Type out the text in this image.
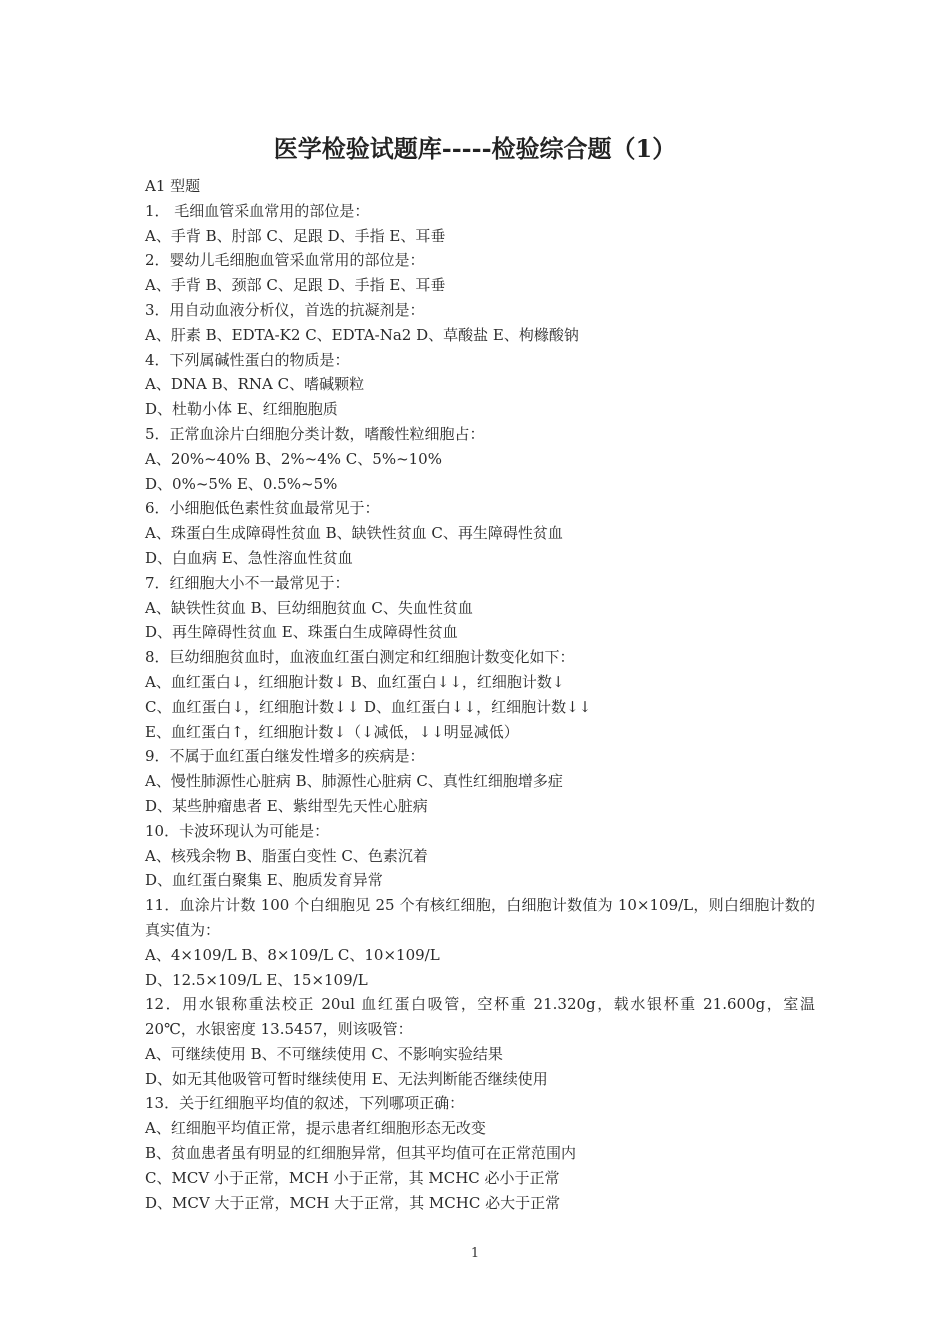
医学检验试题库-----检验综合题（1）
A1 型题
1． 毛细血管采血常用的部位是：
A、手背 B、肘部 C、足跟 D、手指 E、耳垂
2．婴幼儿毛细胞血管采血常用的部位是：
A、手背 B、颈部 C、足跟 D、手指 E、耳垂
3．用自动血液分析仪，首选的抗凝剂是：
A、肝素 B、EDTA-K2 C、EDTA-Na2 D、草酸盐 E、枸橼酸钠
4．下列属碱性蛋白的物质是：
A、DNA B、RNA C、嗜碱颗粒
D、杜勒小体 E、红细胞胞质
5．正常血涂片白细胞分类计数，嗜酸性粒细胞占：
A、20%~40% B、2%~4% C、5%~10%
D、0%~5% E、0.5%~5%
6．小细胞低色素性贫血最常见于：
A、珠蛋白生成障碍性贫血 B、缺铁性贫血 C、再生障碍性贫血
D、白血病 E、急性溶血性贫血
7．红细胞大小不一最常见于：
A、缺铁性贫血 B、巨幼细胞贫血 C、失血性贫血
D、再生障碍性贫血 E、珠蛋白生成障碍性贫血
8．巨幼细胞贫血时，血液血红蛋白测定和红细胞计数变化如下：
A、血红蛋白↓，红细胞计数↓ B、血红蛋白↓↓，红细胞计数↓
C、血红蛋白↓，红细胞计数↓↓ D、血红蛋白↓↓，红细胞计数↓↓
E、血红蛋白↑，红细胞计数↓（↓减低，↓↓明显减低）
9．不属于血红蛋白继发性增多的疾病是：
A、慢性肺源性心脏病 B、肺源性心脏病 C、真性红细胞增多症
D、某些肿瘤患者 E、紫绀型先天性心脏病
10．卡波环现认为可能是：
A、核残余物 B、脂蛋白变性 C、色素沉着
D、血红蛋白聚集 E、胞质发育异常
11．血涂片计数 100 个白细胞见 25 个有核红细胞，白细胞计数值为 10×109/L，则白细胞计数的真实值为：
A、4×109/L B、8×109/L C、10×109/L
D、12.5×109/L E、15×109/L
12．用水银称重法校正 20ul 血红蛋白吸管，空杯重 21.320g，载水银杯重 21.600g，室温 20℃，水银密度 13.5457，则该吸管：
A、可继续使用 B、不可继续使用 C、不影响实验结果
D、如无其他吸管可暂时继续使用 E、无法判断能否继续使用
13．关于红细胞平均值的叙述，下列哪项正确：
A、红细胞平均值正常，提示患者红细胞形态无改变
B、贫血患者虽有明显的红细胞异常，但其平均值可在正常范围内
C、MCV 小于正常，MCH 小于正常，其 MCHC 必小于正常
D、MCV 大于正常，MCH 大于正常，其 MCHC 必大于正常
1
